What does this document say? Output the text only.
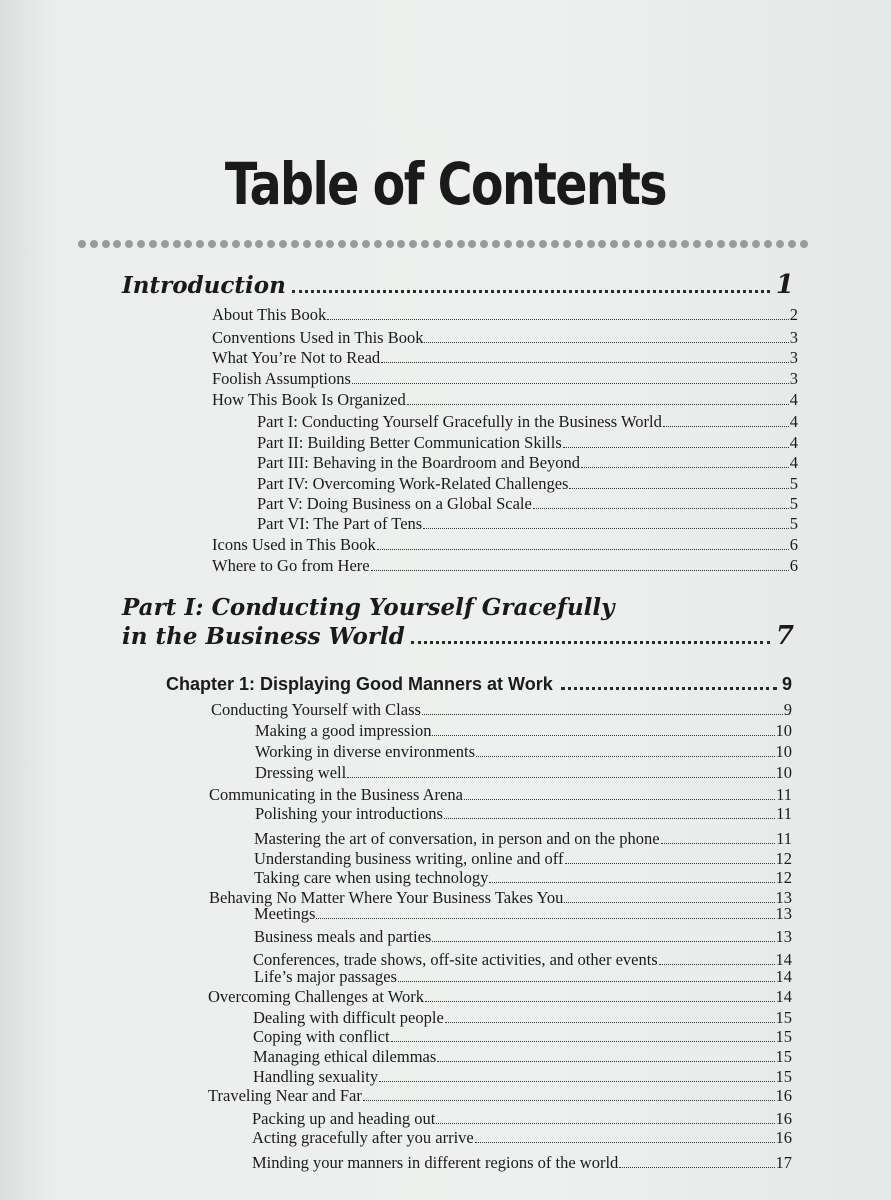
Table of Contents
Introduction	1
About This Book	2
Conventions Used in This Book	3
What You’re Not to Read	3
Foolish Assumptions	3
How This Book Is Organized	4
Part I: Conducting Yourself Gracefully in the Business World	4
Part II: Building Better Communication Skills	4
Part III: Behaving in the Boardroom and Beyond	4
Part IV: Overcoming Work-Related Challenges	5
Part V: Doing Business on a Global Scale	5
Part VI: The Part of Tens	5
Icons Used in This Book	6
Where to Go from Here	6
Part I: Conducting Yourself Gracefully
in the Business World	7
Chapter 1: Displaying Good Manners at Work	9
Conducting Yourself with Class	9
Making a good impression	10
Working in diverse environments	10
Dressing well	10
Communicating in the Business Arena	11
Polishing your introductions	11
Mastering the art of conversation, in person and on the phone	11
Understanding business writing, online and off	12
Taking care when using technology	12
Behaving No Matter Where Your Business Takes You	13
Meetings	13
Business meals and parties	13
Conferences, trade shows, off-site activities, and other events	14
Life’s major passages	14
Overcoming Challenges at Work	14
Dealing with difficult people	15
Coping with conflict	15
Managing ethical dilemmas	15
Handling sexuality	15
Traveling Near and Far	16
Packing up and heading out	16
Acting gracefully after you arrive	16
Minding your manners in different regions of the world	17
